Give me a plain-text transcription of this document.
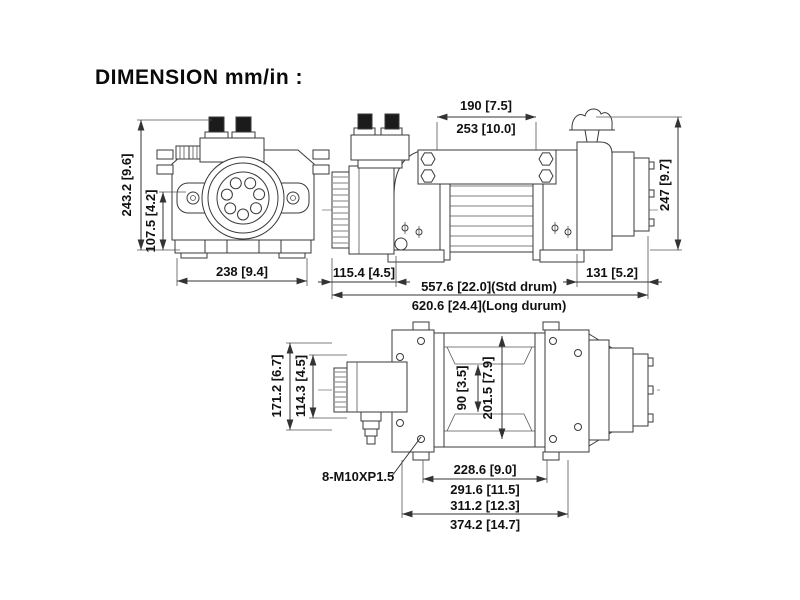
DIMENSION mm/in :
243.2 [9.6]
107.5 [4.2]
238 [9.4]
190 [7.5]
253 [10.0]
247 [9.7]
115.4 [4.5]	131 [5.2]
557.6 [22.0](Std drum)
620.6 [24.4](Long durum)
171.2 [6.7] 114.3 [4.5]	90 [3.5] 201.5 [7.9]
8-M10XP1.5	228.6 [9.0]
291.6 [11.5]
311.2 [12.3]
374.2 [14.7]
